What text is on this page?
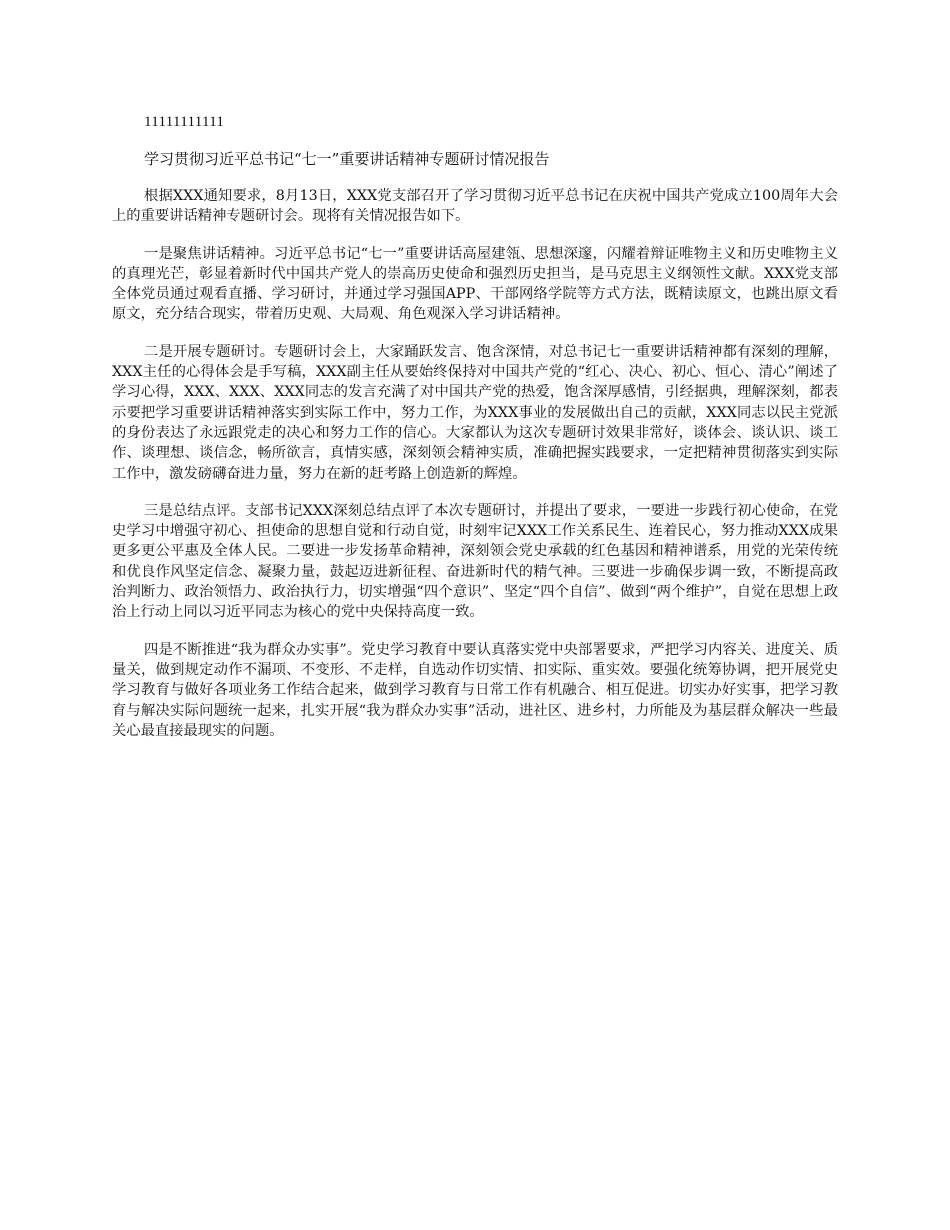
11111111111

学习贯彻习近平总书记“七一”重要讲话精神专题研讨情况报告

根据XXX通知要求，8月13日，XXX党支部召开了学习贯彻习近平总书记在庆祝中国共产党成立100周年大会上的重要讲话精神专题研讨会。现将有关情况报告如下。

一是聚焦讲话精神。习近平总书记“七一”重要讲话高屋建瓴、思想深邃，闪耀着辩证唯物主义和历史唯物主义的真理光芒，彰显着新时代中国共产党人的崇高历史使命和强烈历史担当，是马克思主义纲领性文献。XXX党支部全体党员通过观看直播、学习研讨，并通过学习强国APP、干部网络学院等方式方法，既精读原文，也跳出原文看原文，充分结合现实，带着历史观、大局观、角色观深入学习讲话精神。

二是开展专题研讨。专题研讨会上，大家踊跃发言、饱含深情，对总书记七一重要讲话精神都有深刻的理解，XXX主任的心得体会是手写稿，XXX副主任从要始终保持对中国共产党的“红心、决心、初心、恒心、清心”阐述了学习心得，XXX、XXX、XXX同志的发言充满了对中国共产党的热爱，饱含深厚感情，引经据典，理解深刻，都表示要把学习重要讲话精神落实到实际工作中，努力工作，为XXX事业的发展做出自己的贡献，XXX同志以民主党派的身份表达了永远跟党走的决心和努力工作的信心。大家都认为这次专题研讨效果非常好，谈体会、谈认识、谈工作、谈理想、谈信念，畅所欲言，真情实感，深刻领会精神实质，准确把握实践要求，一定把精神贯彻落实到实际工作中，激发磅礴奋进力量，努力在新的赶考路上创造新的辉煌。

三是总结点评。支部书记XXX深刻总结点评了本次专题研讨，并提出了要求，一要进一步践行初心使命，在党史学习中增强守初心、担使命的思想自觉和行动自觉，时刻牢记XXX工作关系民生、连着民心，努力推动XXX成果更多更公平惠及全体人民。二要进一步发扬革命精神，深刻领会党史承载的红色基因和精神谱系，用党的光荣传统和优良作风坚定信念、凝聚力量，鼓起迈进新征程、奋进新时代的精气神。三要进一步确保步调一致，不断提高政治判断力、政治领悟力、政治执行力，切实增强“四个意识”、坚定“四个自信”、做到“两个维护”，自觉在思想上政治上行动上同以习近平同志为核心的党中央保持高度一致。

四是不断推进“我为群众办实事”。党史学习教育中要认真落实党中央部署要求，严把学习内容关、进度关、质量关，做到规定动作不漏项、不变形、不走样，自选动作切实情、扣实际、重实效。要强化统筹协调，把开展党史学习教育与做好各项业务工作结合起来，做到学习教育与日常工作有机融合、相互促进。切实办好实事，把学习教育与解决实际问题统一起来，扎实开展“我为群众办实事”活动，进社区、进乡村，力所能及为基层群众解决一些最关心最直接最现实的问题。
